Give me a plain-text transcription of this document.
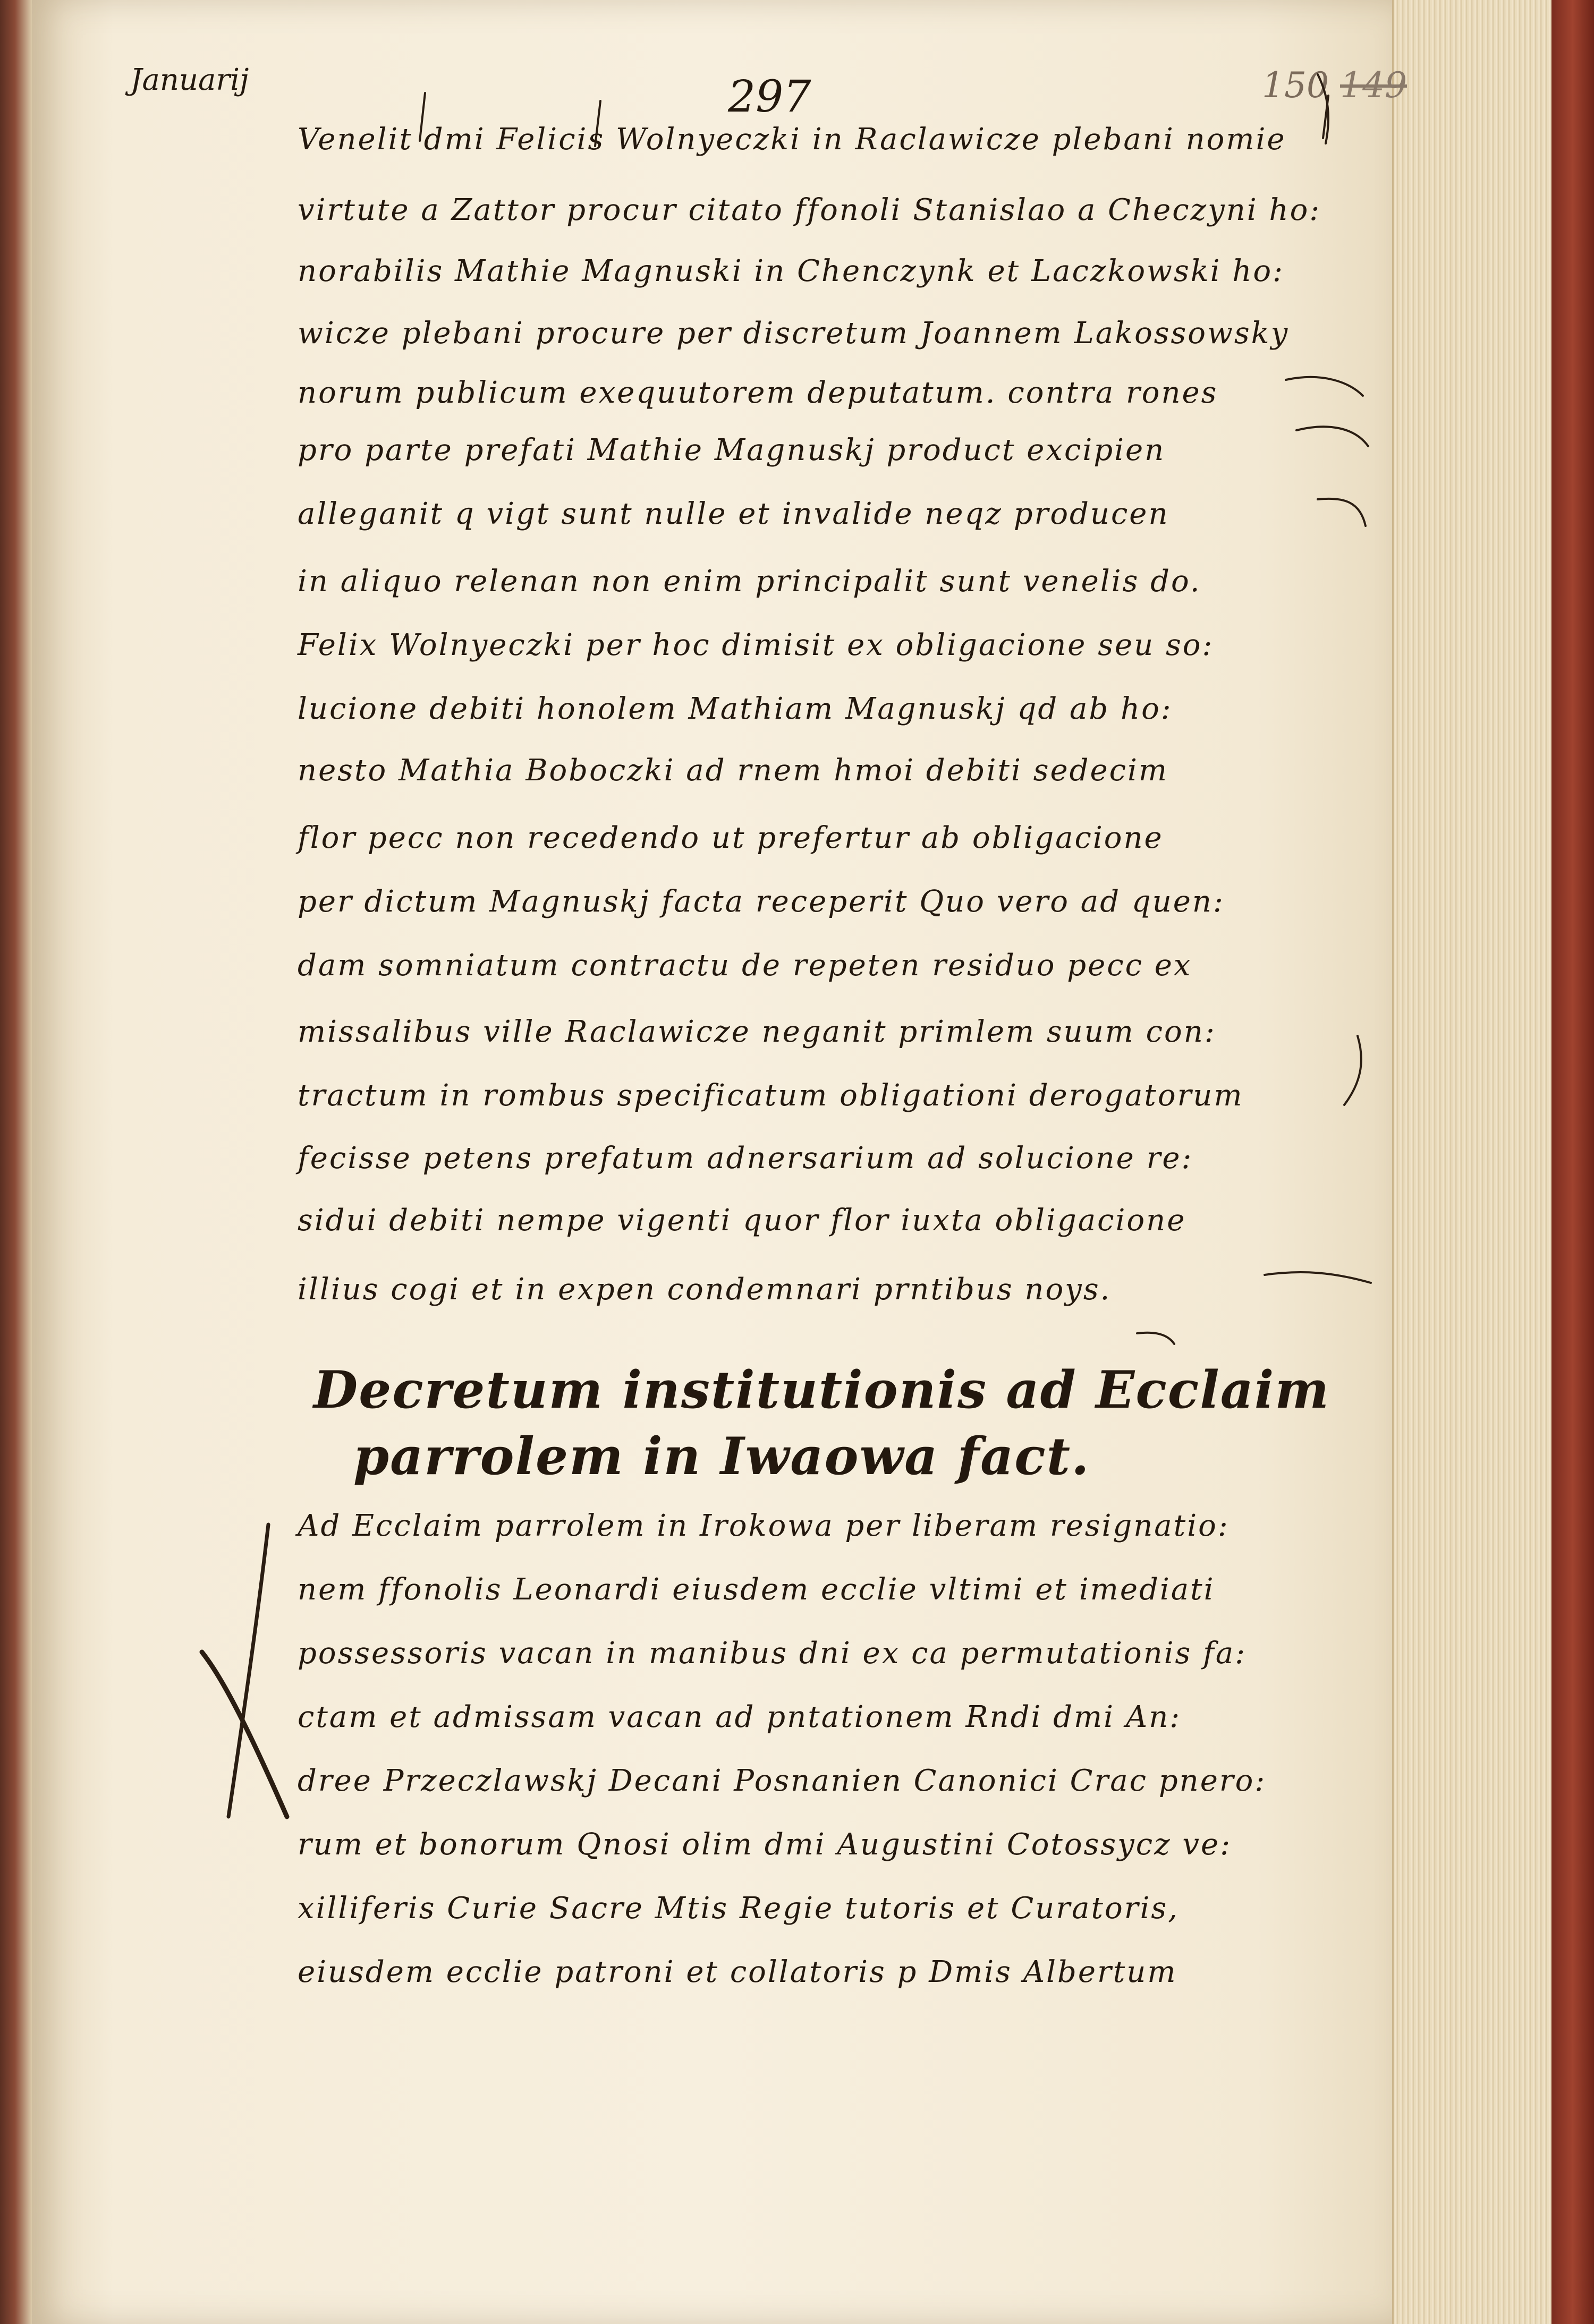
Januarij	297	150 149
Venelit dmi Felicis Wolnyeczki in Raclawicze plebani nomie
virtute a Zattor procur citato ffonoli Stanislao a Checzyni ho:
norabilis Mathie Magnuski in Chenczynk et Laczkowski ho:
wicze plebani procure per discretum Joannem Lakossowsky
norum publicum exequutorem deputatum. contra rones
pro parte prefati Mathie Magnuskj product excipien
alleganit q vigt sunt nulle et invalide neqz producen
in aliquo relenan non enim principalit sunt venelis do.
Felix Wolnyeczki per hoc dimisit ex obligacione seu so:
lucione debiti honolem Mathiam Magnuskj qd ab ho:
nesto Mathia Boboczki ad rnem hmoi debiti sedecim
flor pecc non recedendo ut prefertur ab obligacione
per dictum Magnuskj facta receperit Quo vero ad quen:
dam somniatum contractu de repeten residuo pecc ex
missalibus ville Raclawicze neganit primlem suum con:
tractum in rombus specificatum obligationi derogatorum
fecisse petens prefatum adnersarium ad solucione re:
sidui debiti nempe vigenti quor flor iuxta obligacione
illius cogi et in expen condemnari prntibus noys.
Decretum institutionis ad Ecclaim
parrolem in Iwaowa fact.
Ad Ecclaim parrolem in Irokowa per liberam resignatio:
nem ffonolis Leonardi eiusdem ecclie vltimi et imediati
possessoris vacan in manibus dni ex ca permutationis fa:
ctam et admissam vacan ad pntationem Rndi dmi An:
dree Przeczlawskj Decani Posnanien Canonici Crac pnero:
rum et bonorum Qnosi olim dmi Augustini Cotossycz ve:
xilliferis Curie Sacre Mtis Regie tutoris et Curatoris,
eiusdem ecclie patroni et collatoris p Dmis Albertum
